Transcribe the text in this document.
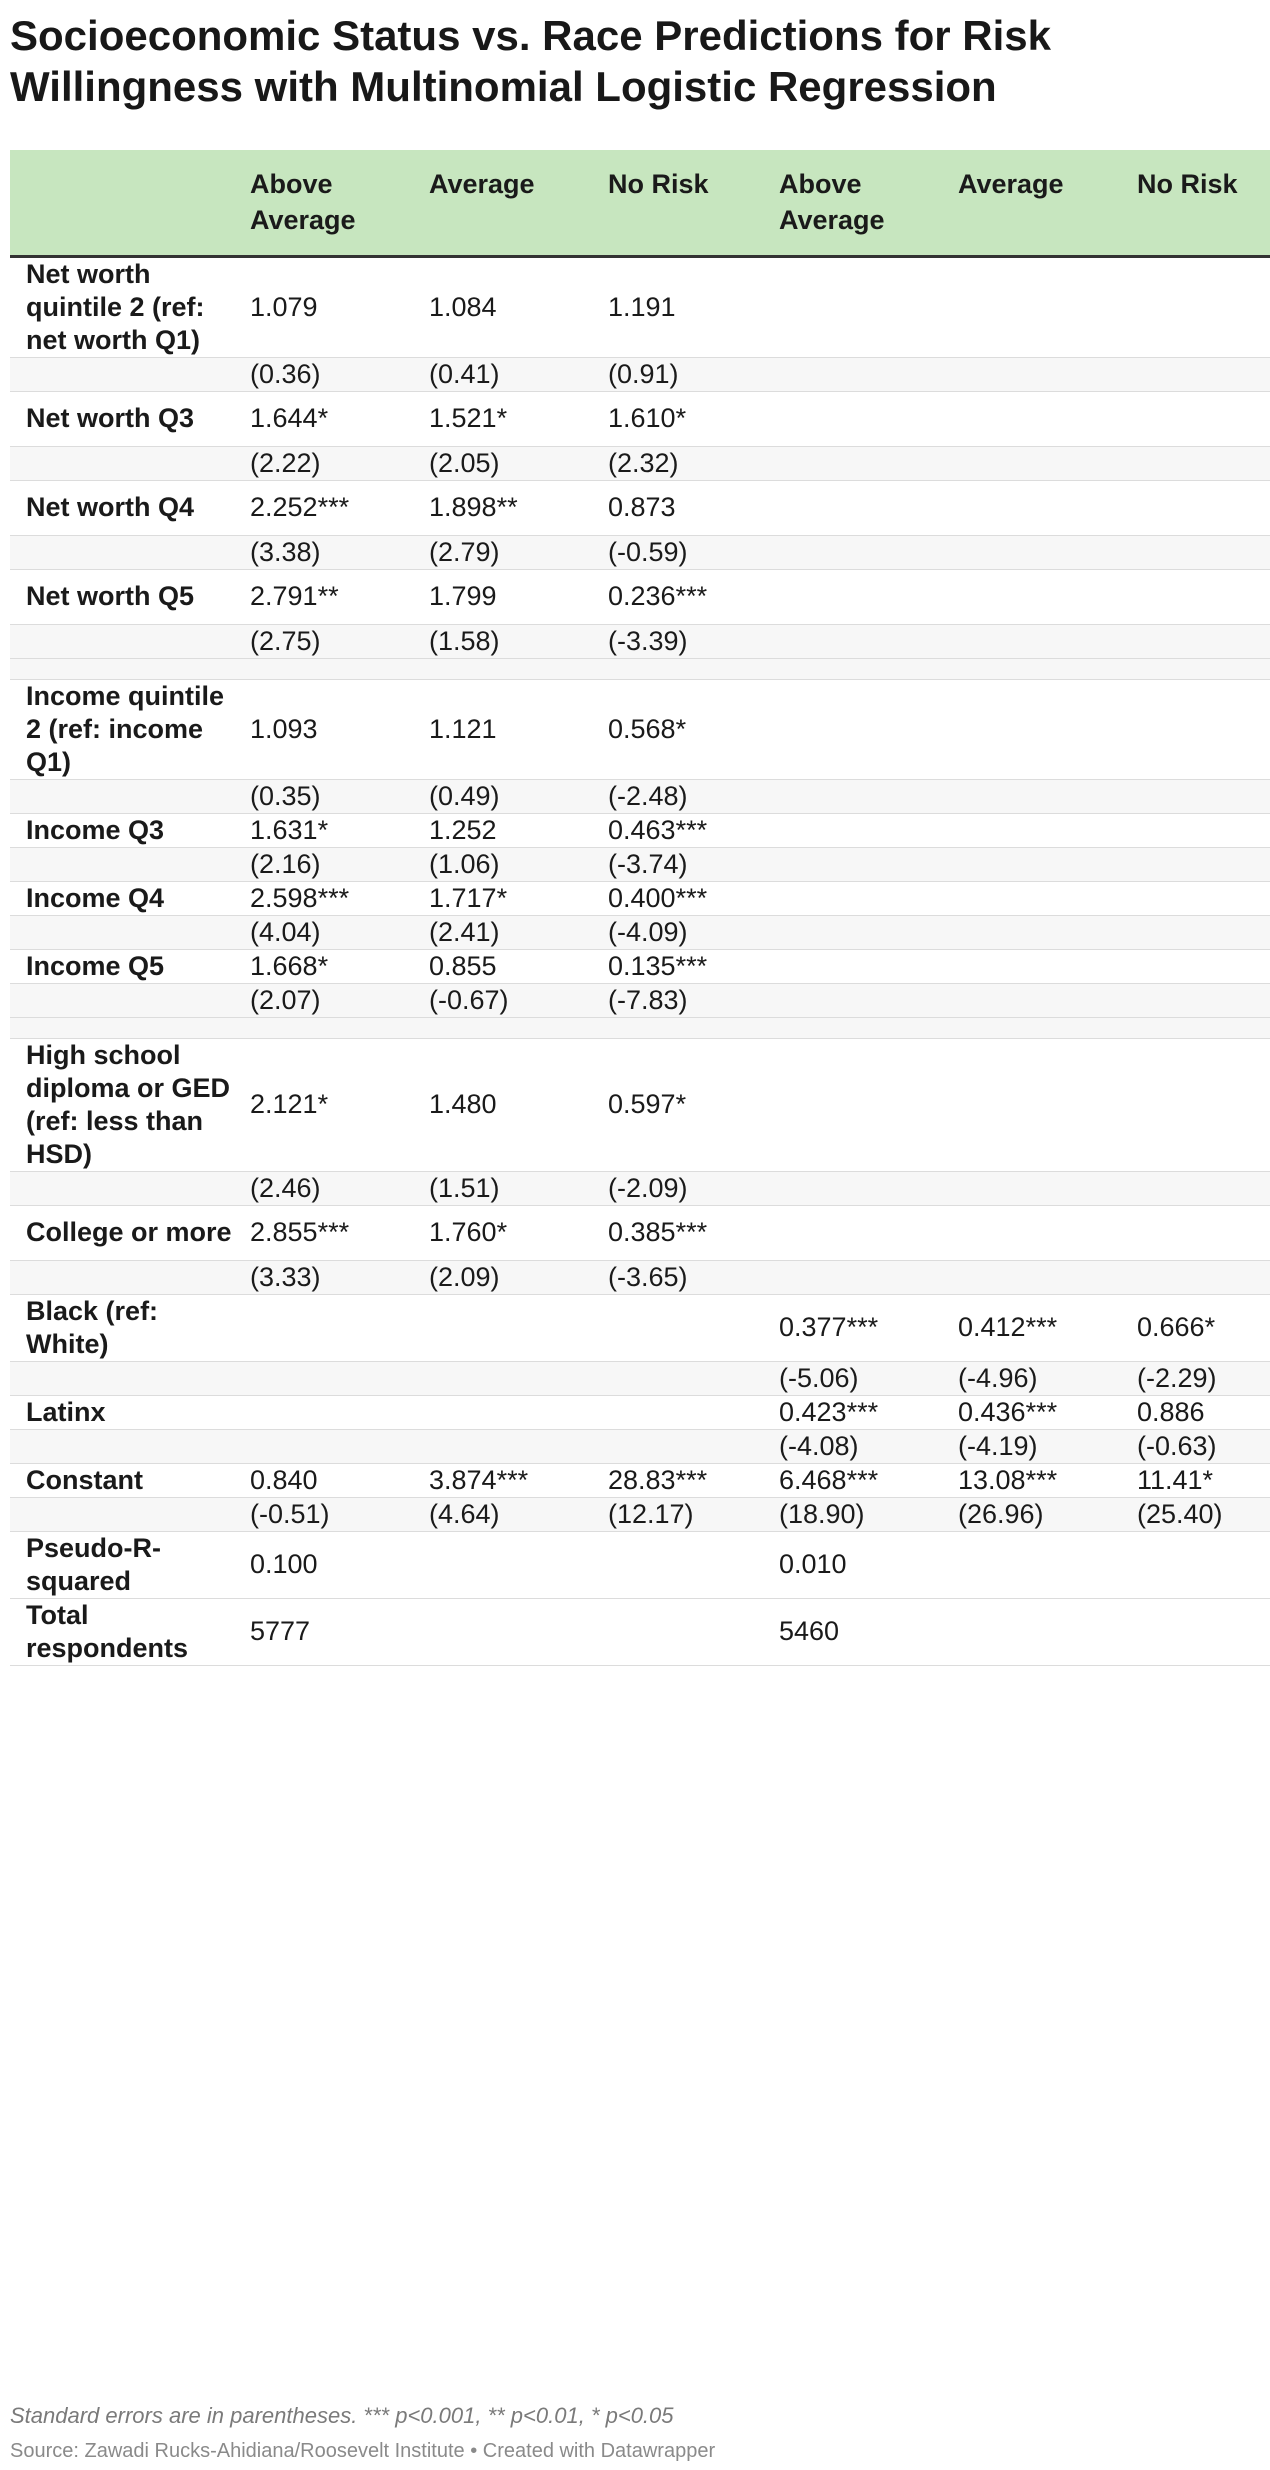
Socioeconomic Status vs. Race Predictions for Risk Willingness with Multinomial Logistic Regression
	Above Average	Average	No Risk	Above Average	Average	No Risk
Net worth quintile 2 (ref: net worth Q1)	1.079	1.084	1.191			
	(0.36)	(0.41)	(0.91)			
Net worth Q3	1.644*	1.521*	1.610*			
	(2.22)	(2.05)	(2.32)			
Net worth Q4	2.252***	1.898**	0.873			
	(3.38)	(2.79)	(-0.59)			
Net worth Q5	2.791**	1.799	0.236***			
	(2.75)	(1.58)	(-3.39)			

Income quintile 2 (ref: income Q1)	1.093	1.121	0.568*			
	(0.35)	(0.49)	(-2.48)			
Income Q3	1.631*	1.252	0.463***			
	(2.16)	(1.06)	(-3.74)			
Income Q4	2.598***	1.717*	0.400***			
	(4.04)	(2.41)	(-4.09)			
Income Q5	1.668*	0.855	0.135***			
	(2.07)	(-0.67)	(-7.83)			

High school diploma or GED (ref: less than HSD)	2.121*	1.480	0.597*			
	(2.46)	(1.51)	(-2.09)			
College or more	2.855***	1.760*	0.385***			
	(3.33)	(2.09)	(-3.65)			
Black (ref: White)				0.377***	0.412***	0.666*
				(-5.06)	(-4.96)	(-2.29)
Latinx				0.423***	0.436***	0.886
				(-4.08)	(-4.19)	(-0.63)
Constant	0.840	3.874***	28.83***	6.468***	13.08***	11.41*
	(-0.51)	(4.64)	(12.17)	(18.90)	(26.96)	(25.40)
Pseudo-R-squared	0.100			0.010		
Total respondents	5777			5460		

Standard errors are in parentheses. *** p<0.001, ** p<0.01, * p<0.05

Source: Zawadi Rucks-Ahidiana/Roosevelt Institute • Created with Datawrapper
